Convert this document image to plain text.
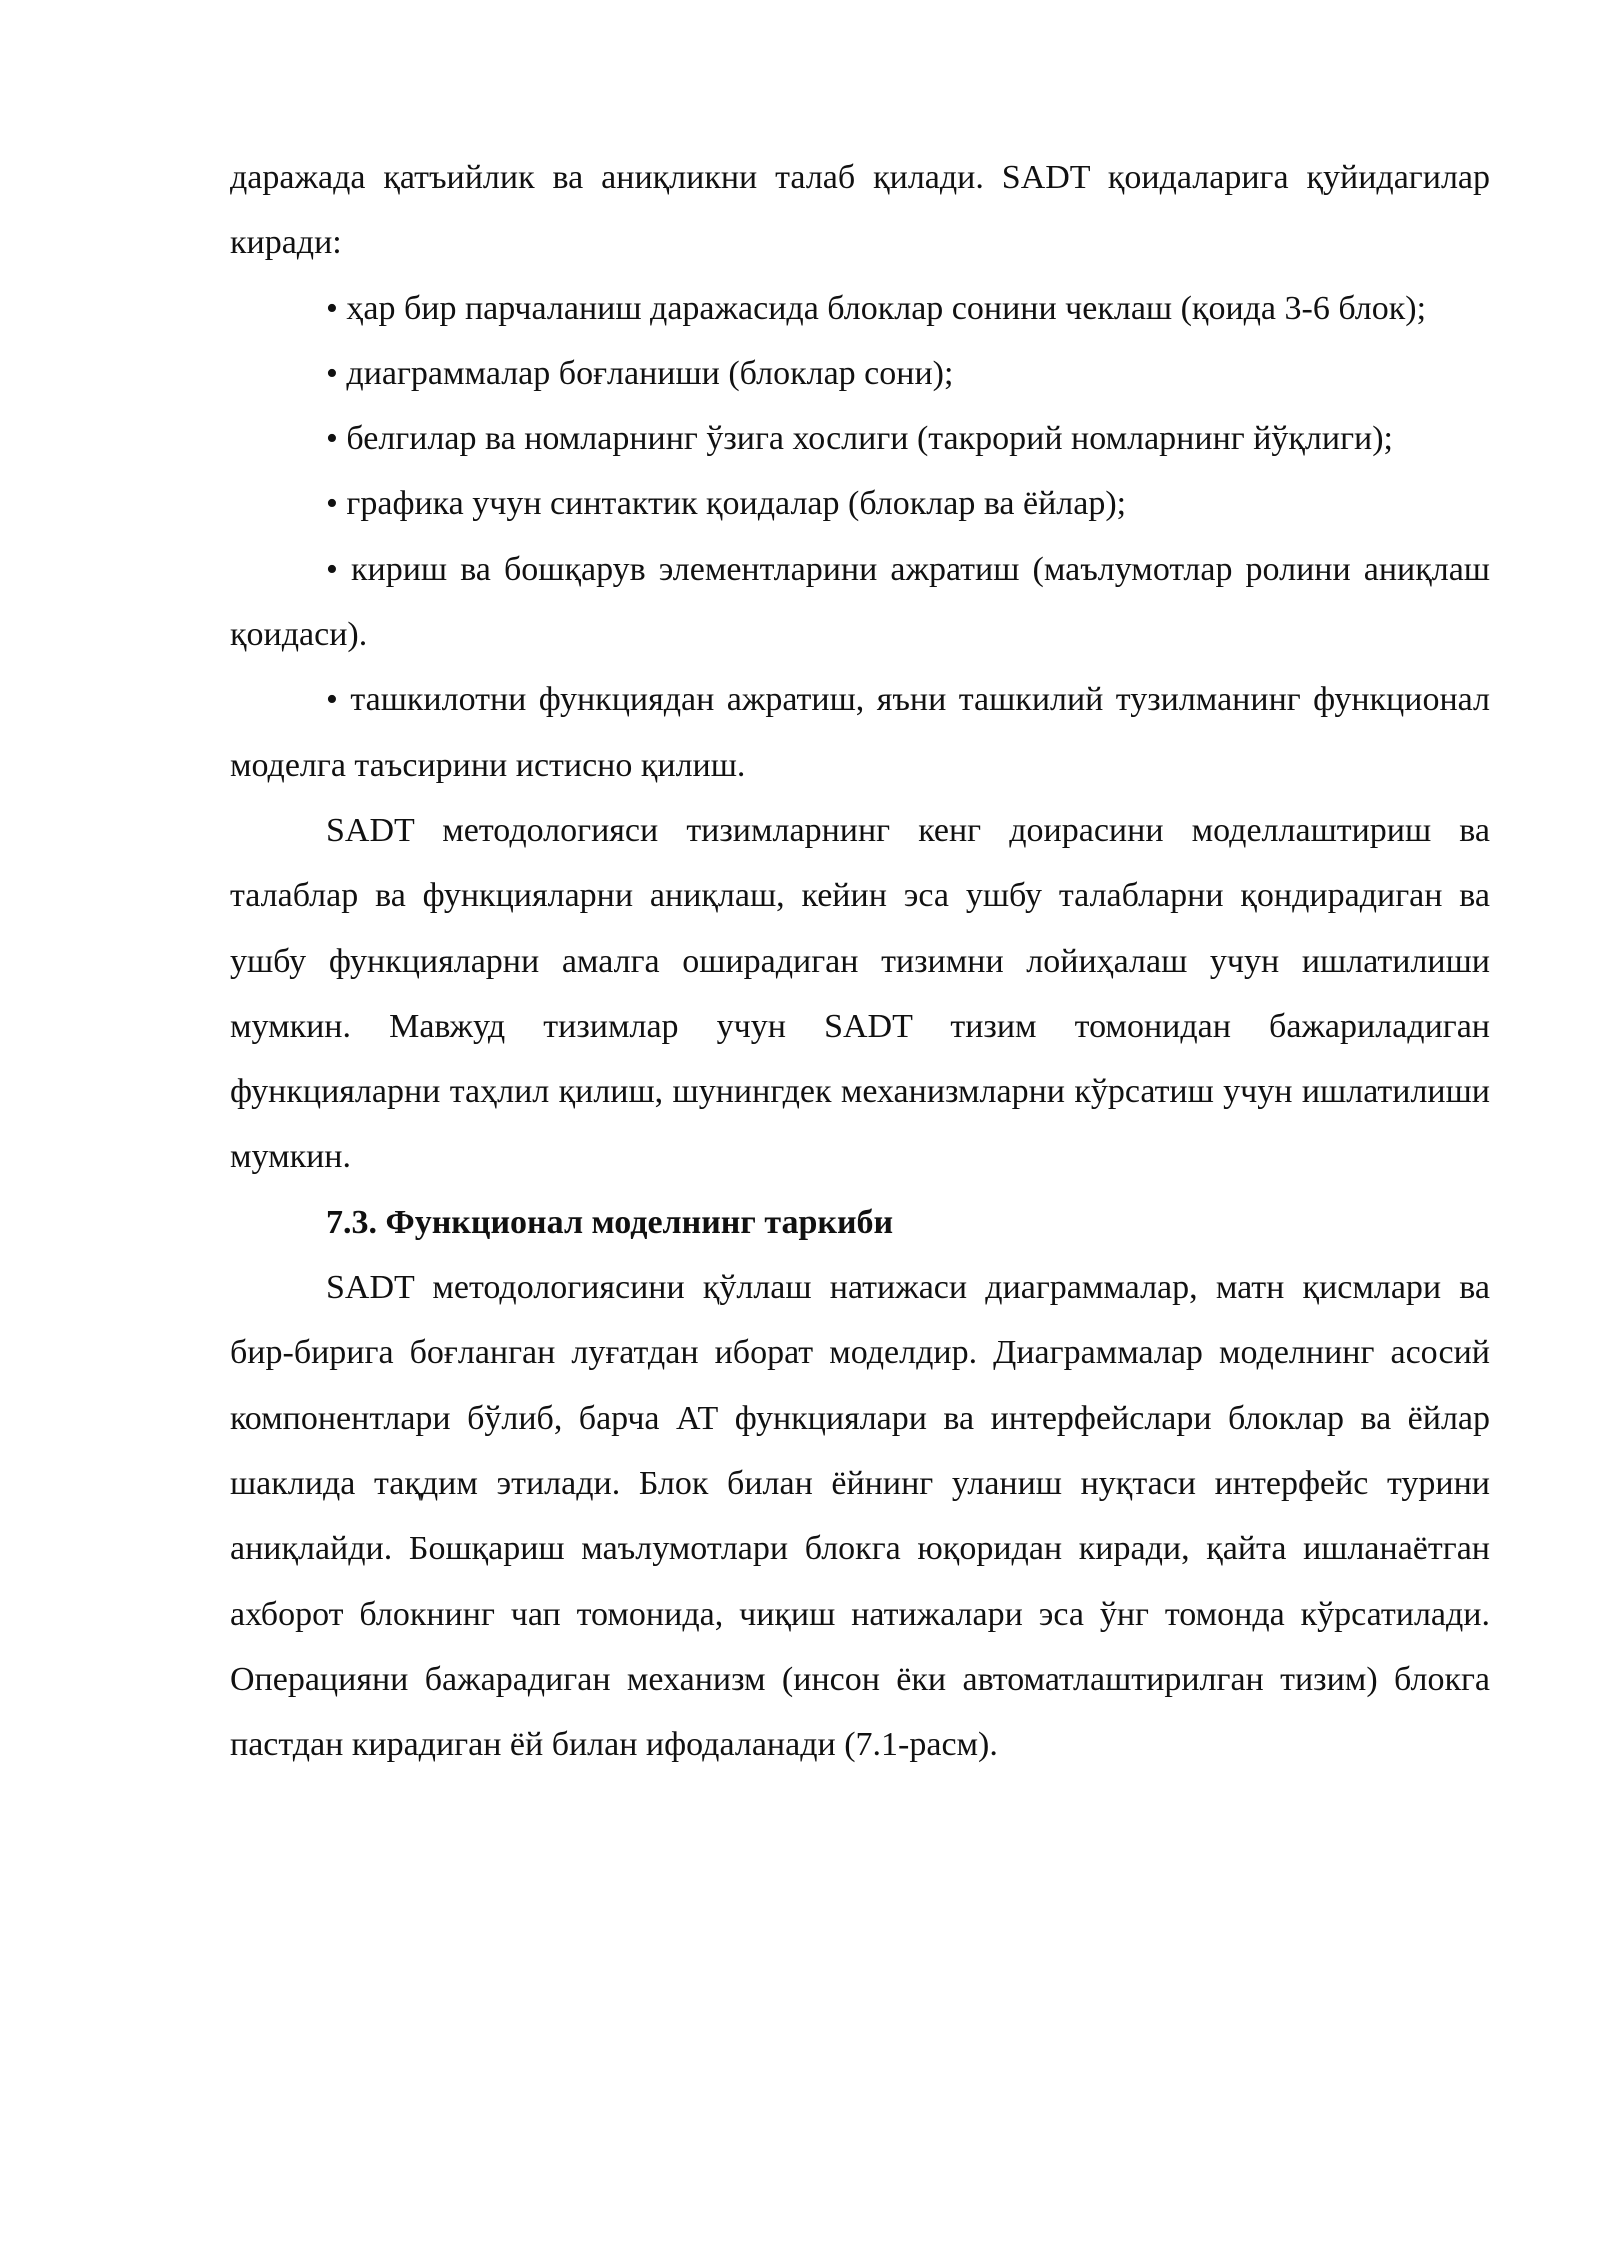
даражада қатъийлик ва аниқликни талаб қилади. SADT қоидаларига қуйидагилар киради:

• ҳар бир парчаланиш даражасида блоклар сонини чеклаш (қоида 3-6 блок);

• диаграммалар боғланиши (блоклар сони);

• белгилар ва номларнинг ўзига хослиги (такрорий номларнинг йўқлиги);

• графика учун синтактик қоидалар (блоклар ва ёйлар);

• кириш ва бошқарув элементларини ажратиш (маълумотлар ролини аниқлаш қоидаси).

• ташкилотни функциядан ажратиш, яъни ташкилий тузилманинг функционал моделга таъсирини истисно қилиш.

SADT методологияси тизимларнинг кенг доирасини моделлаштириш ва талаблар ва функцияларни аниқлаш, кейин эса ушбу талабларни қондирадиган ва ушбу функцияларни амалга оширадиган тизимни лойиҳалаш учун ишлатилиши мумкин. Мавжуд тизимлар учун SADT тизим томонидан бажариладиган функцияларни таҳлил қилиш, шунингдек механизмларни кўрсатиш учун ишлатилиши мумкин.

7.3. Функционал моделнинг таркиби

SADT методологиясини қўллаш натижаси диаграммалар, матн қисмлари ва бир-бирига боғланган луғатдан иборат моделдир. Диаграммалар моделнинг асосий компонентлари бўлиб, барча АТ функциялари ва интерфейслари блоклар ва ёйлар шаклида тақдим этилади. Блок билан ёйнинг уланиш нуқтаси интерфейс турини аниқлайди. Бошқариш маълумотлари блокга юқоридан киради, қайта ишланаётган ахборот блокнинг чап томонида, чиқиш натижалари эса ўнг томонда кўрсатилади. Операцияни бажарадиган механизм (инсон ёки автоматлаштирилган тизим) блокга пастдан кирадиган ёй билан ифодаланади (7.1-расм).
